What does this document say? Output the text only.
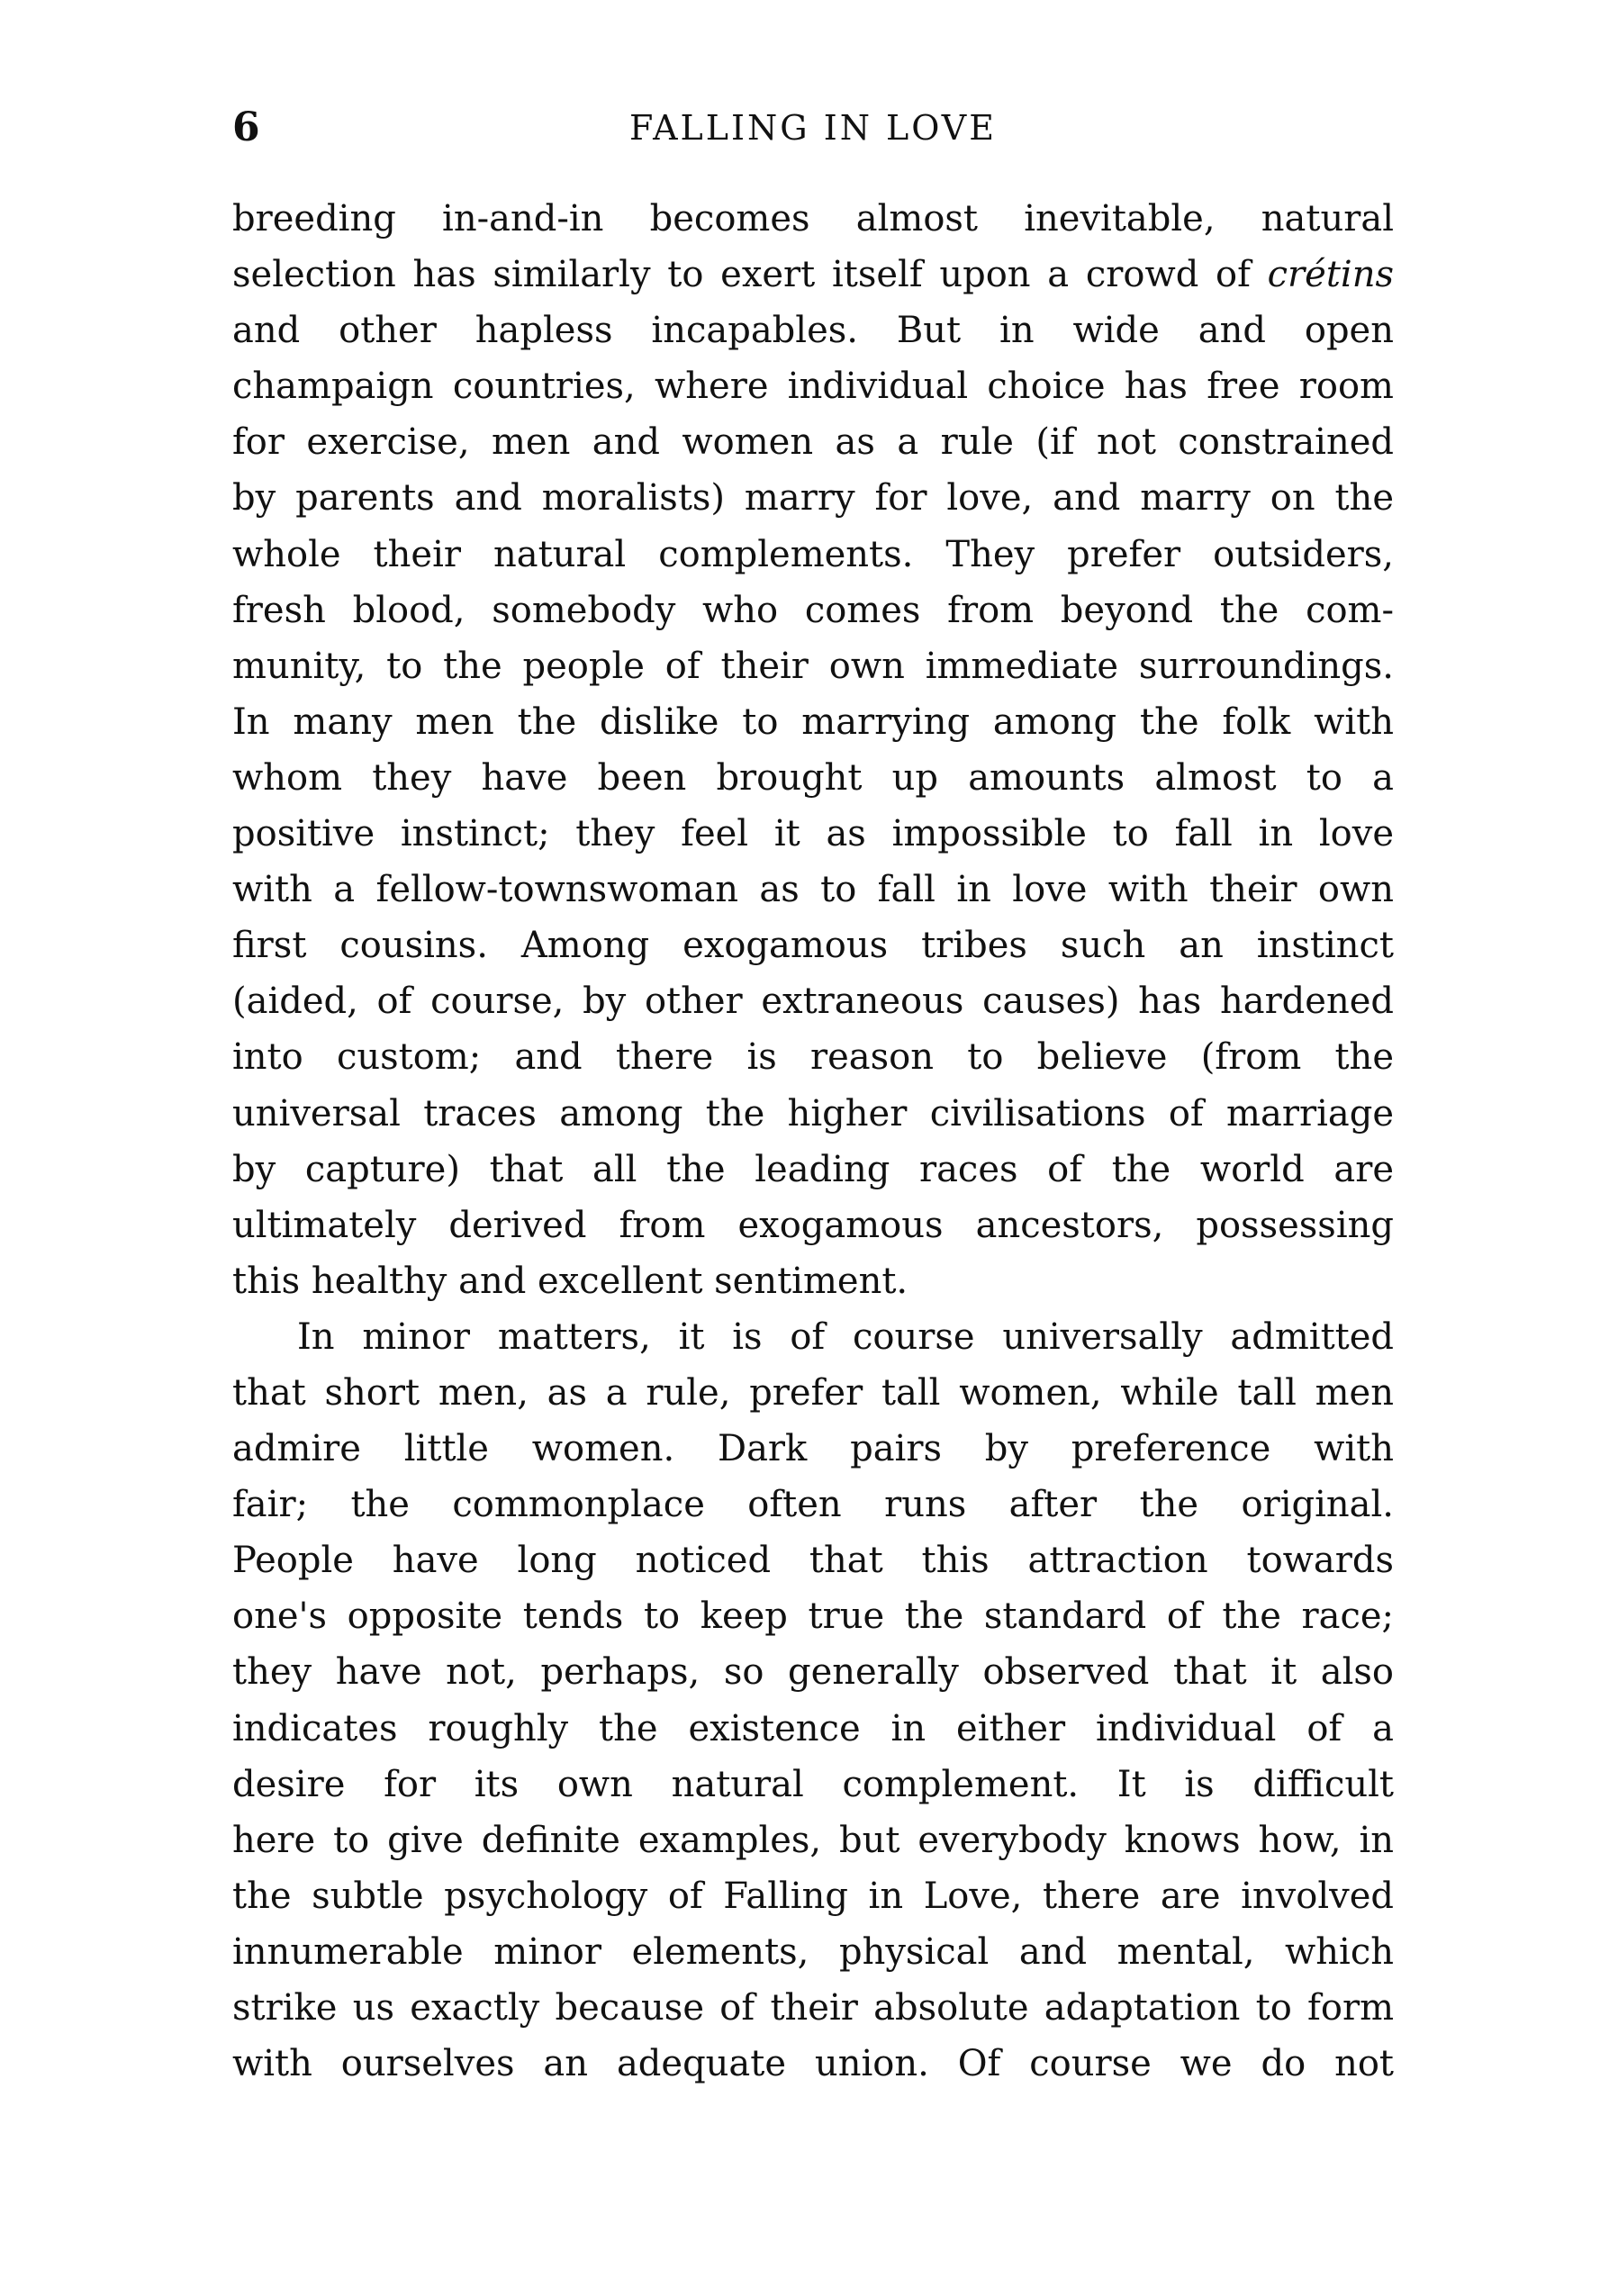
6	FALLING IN LOVE
breeding in-and-in becomes almost inevitable, natural
selection has similarly to exert itself upon a crowd of crétins
and other hapless incapables. But in wide and open
champaign countries, where individual choice has free room
for exercise, men and women as a rule (if not constrained
by parents and moralists) marry for love, and marry on the
whole their natural complements. They prefer outsiders,
fresh blood, somebody who comes from beyond the com-
munity, to the people of their own immediate surroundings.
In many men the dislike to marrying among the folk with
whom they have been brought up amounts almost to a
positive instinct; they feel it as impossible to fall in love
with a fellow-townswoman as to fall in love with their own
first cousins. Among exogamous tribes such an instinct
(aided, of course, by other extraneous causes) has hardened
into custom; and there is reason to believe (from the
universal traces among the higher civilisations of marriage
by capture) that all the leading races of the world are
ultimately derived from exogamous ancestors, possessing
this healthy and excellent sentiment.
In minor matters, it is of course universally admitted
that short men, as a rule, prefer tall women, while tall men
admire little women. Dark pairs by preference with
fair; the commonplace often runs after the original.
People have long noticed that this attraction towards
one's opposite tends to keep true the standard of the race;
they have not, perhaps, so generally observed that it also
indicates roughly the existence in either individual of a
desire for its own natural complement. It is difficult
here to give definite examples, but everybody knows how, in
the subtle psychology of Falling in Love, there are involved
innumerable minor elements, physical and mental, which
strike us exactly because of their absolute adaptation to form
with ourselves an adequate union. Of course we do not
